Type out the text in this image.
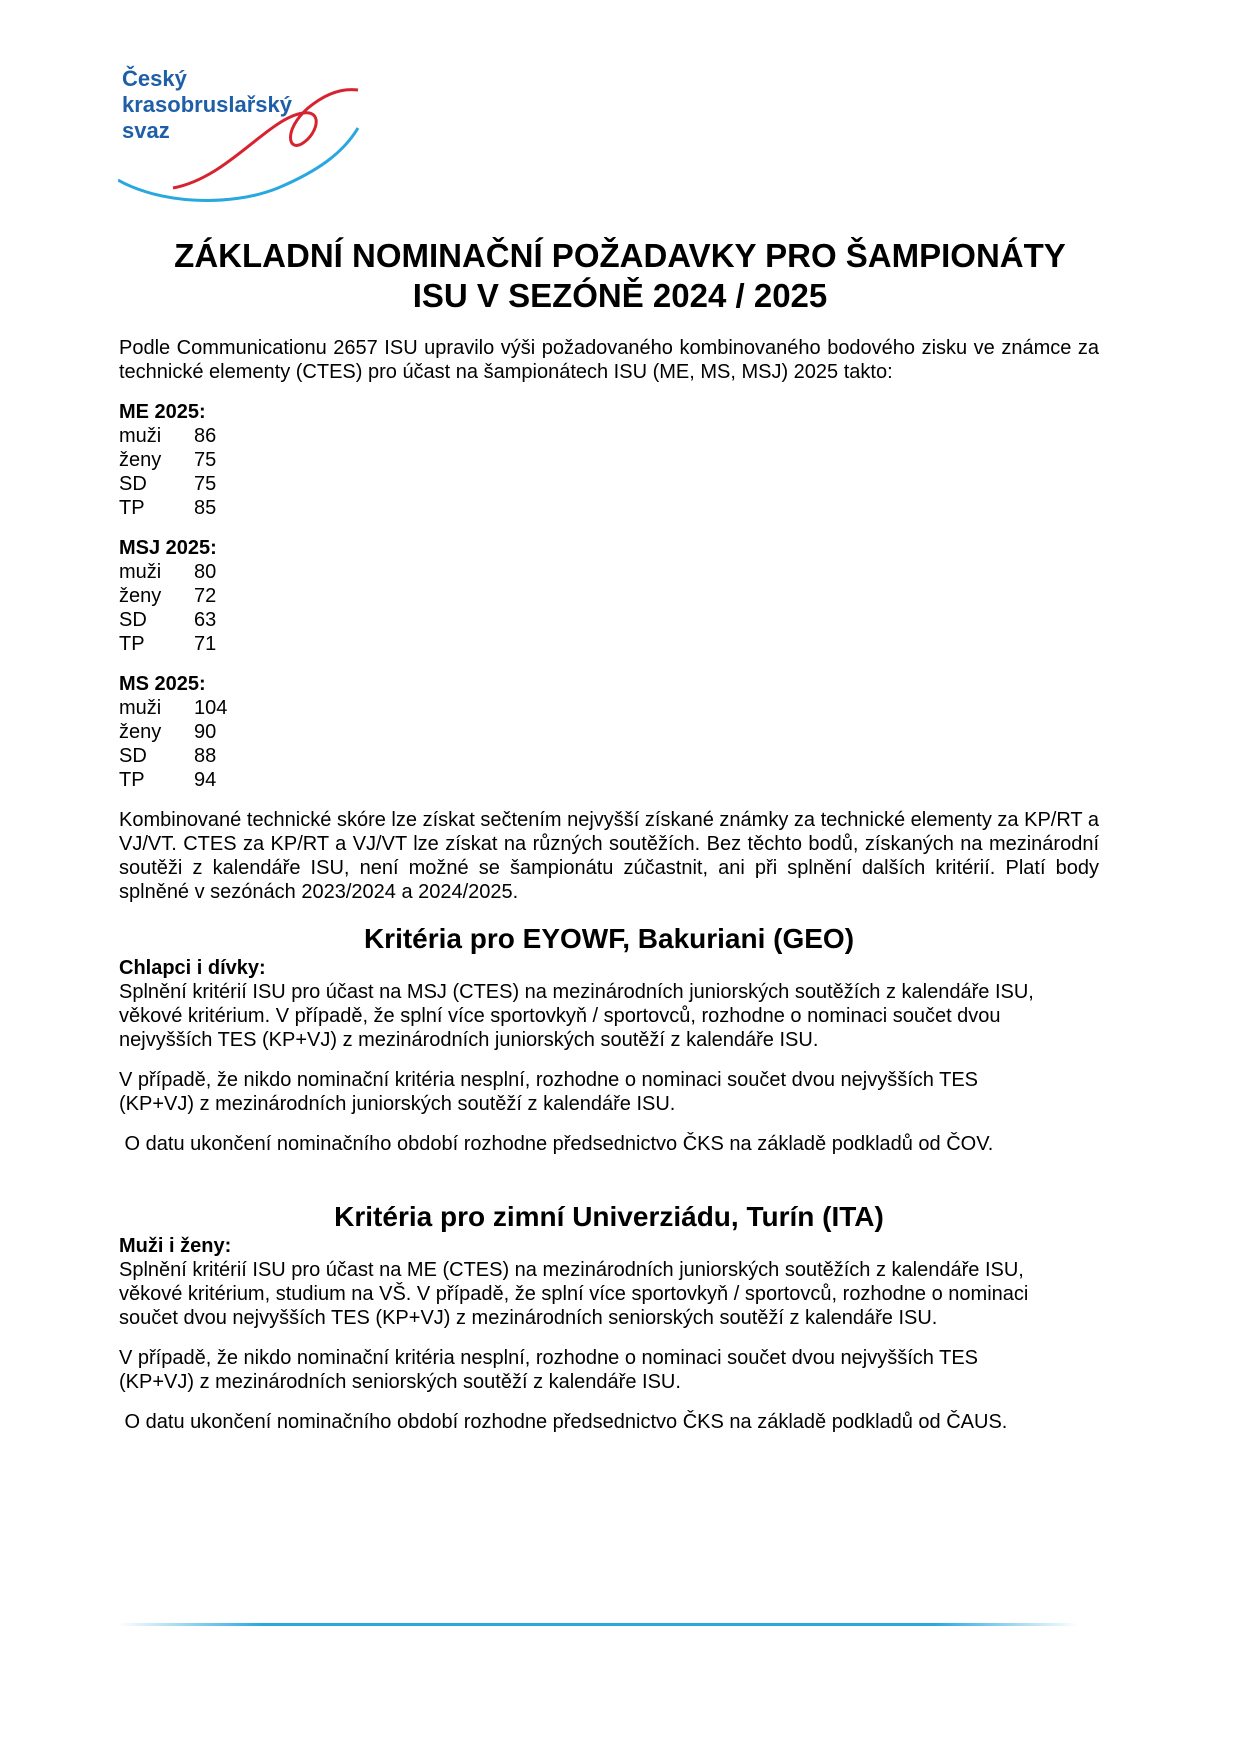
Český
krasobruslařský
svaz
ZÁKLADNÍ NOMINAČNÍ POŽADAVKY PRO ŠAMPIONÁTY
ISU V SEZÓNĚ 2024 / 2025

Podle Communicationu 2657 ISU upravilo výši požadovaného kombinovaného bodového zisku ve známce za technické elementy (CTES) pro účast na šampionátech ISU (ME, MS, MSJ) 2025 takto:

ME 2025:
muži	86
ženy	75
SD	75
TP	85
MSJ 2025:
muži	80
ženy	72
SD	63
TP	71
MS 2025:
muži	104
ženy	90
SD	88
TP	94

Kombinované technické skóre lze získat sečtením nejvyšší získané známky za technické elementy za KP/RT a VJ/VT. CTES za KP/RT a VJ/VT lze získat na různých soutěžích. Bez těchto bodů, získaných na mezinárodní soutěži z kalendáře ISU, není možné se šampionátu zúčastnit, ani při splnění dalších kritérií. Platí body splněné v sezónách 2023/2024 a 2024/2025.

Kritéria pro EYOWF, Bakuriani (GEO)
Chlapci i dívky:
Splnění kritérií ISU pro účast na MSJ (CTES) na mezinárodních juniorských soutěžích z kalendáře ISU,
věkové kritérium. V případě, že splní více sportovkyň / sportovců, rozhodne o nominaci součet dvou
nejvyšších TES (KP+VJ) z mezinárodních juniorských soutěží z kalendáře ISU.
V případě, že nikdo nominační kritéria nesplní, rozhodne o nominaci součet dvou nejvyšších TES
(KP+VJ) z mezinárodních juniorských soutěží z kalendáře ISU.

O datu ukončení nominačního období rozhodne předsednictvo ČKS na základě podkladů od ČOV.

Kritéria pro zimní Univerziádu, Turín (ITA)
Muži i ženy:
Splnění kritérií ISU pro účast na ME (CTES) na mezinárodních juniorských soutěžích z kalendáře ISU,
věkové kritérium, studium na VŠ. V případě, že splní více sportovkyň / sportovců, rozhodne o nominaci
součet dvou nejvyšších TES (KP+VJ) z mezinárodních seniorských soutěží z kalendáře ISU.
V případě, že nikdo nominační kritéria nesplní, rozhodne o nominaci součet dvou nejvyšších TES
(KP+VJ) z mezinárodních seniorských soutěží z kalendáře ISU.

O datu ukončení nominačního období rozhodne předsednictvo ČKS na základě podkladů od ČAUS.
